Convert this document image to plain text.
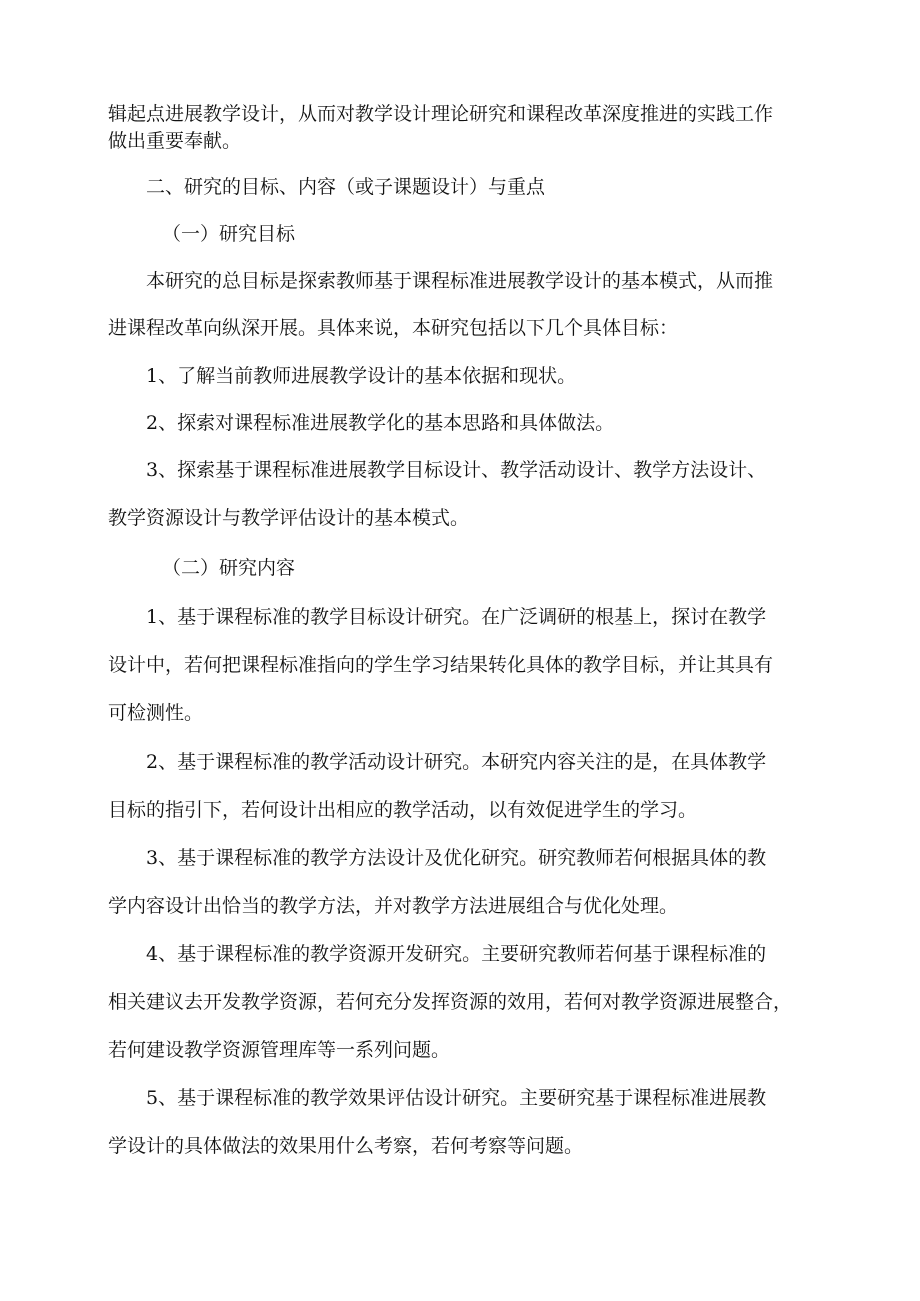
辑起点进展教学设计，从而对教学设计理论研究和课程改革深度推进的实践工作
做出重要奉献。
二、研究的目标、内容（或子课题设计）与重点
（一）研究目标
本研究的总目标是探索教师基于课程标准进展教学设计的基本模式，从而推
进课程改革向纵深开展。具体来说，本研究包括以下几个具体目标：
1、了解当前教师进展教学设计的基本依据和现状。
2、探索对课程标准进展教学化的基本思路和具体做法。
3、探索基于课程标准进展教学目标设计、教学活动设计、教学方法设计、
教学资源设计与教学评估设计的基本模式。
（二）研究内容
1、基于课程标准的教学目标设计研究。在广泛调研的根基上，探讨在教学
设计中，若何把课程标准指向的学生学习结果转化具体的教学目标，并让其具有
可检测性。
2、基于课程标准的教学活动设计研究。本研究内容关注的是，在具体教学
目标的指引下，若何设计出相应的教学活动，以有效促进学生的学习。
3、基于课程标准的教学方法设计及优化研究。研究教师若何根据具体的教
学内容设计出恰当的教学方法，并对教学方法进展组合与优化处理。
4、基于课程标准的教学资源开发研究。主要研究教师若何基于课程标准的
相关建议去开发教学资源，若何充分发挥资源的效用，若何对教学资源进展整合，
若何建设教学资源管理库等一系列问题。
5、基于课程标准的教学效果评估设计研究。主要研究基于课程标准进展教
学设计的具体做法的效果用什么考察，若何考察等问题。
